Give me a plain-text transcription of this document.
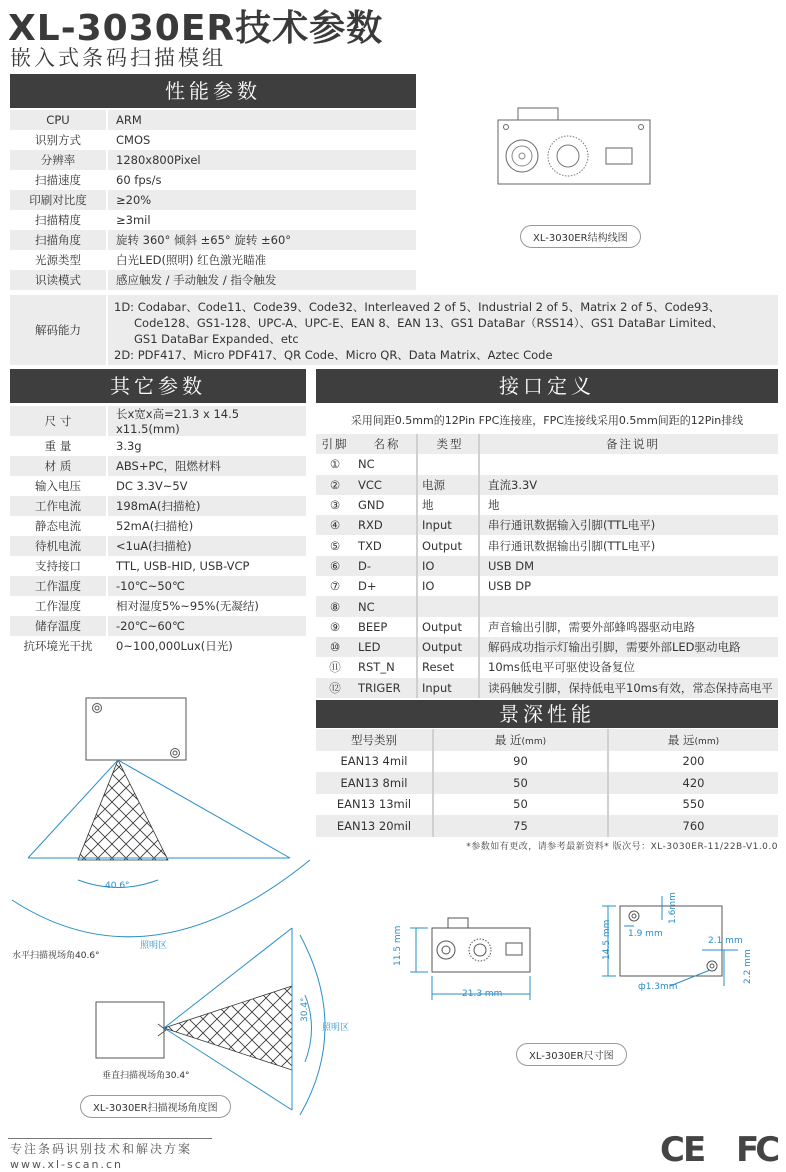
XL-3030ER技术参数
嵌入式条码扫描模组
性能参数
CPU	ARM
识别方式	CMOS
分辨率	1280x800Pixel
扫描速度	60 fps/s
印刷对比度	≥20%
扫描精度	≥3mil
扫描角度	旋转 360° 倾斜 ±65° 旋转 ±60°
光源类型	白光LED(照明) 红色激光瞄准
识读模式	感应触发 / 手动触发 / 指令触发
解码能力
1D: Codabar、Code11、Code39、Code32、Interleaved 2 of 5、Industrial 2 of 5、Matrix 2 of 5、Code93、
Code128、GS1-128、UPC-A、UPC-E、EAN 8、EAN 13、GS1 DataBar（RSS14）、GS1 DataBar Limited、
GS1 DataBar Expanded、etc
2D: PDF417、Micro PDF417、QR Code、Micro QR、Data Matrix、Aztec Code
XL-3030ER结构线图
其它参数
尺 寸	长x宽x高=21.3 x 14.5 x11.5(mm)
重 量	3.3g
材 质	ABS+PC，阻燃材料
输入电压	DC 3.3V~5V
工作电流	198mA(扫描枪)
静态电流	52mA(扫描枪)
待机电流	<1uA(扫描枪)
支持接口	TTL, USB-HID, USB-VCP
工作温度	-10℃~50℃
工作湿度	相对湿度5%~95%(无凝结)
储存温度	-20℃~60℃
抗环境光干扰	0~100,000Lux(日光)
接口定义
采用间距0.5mm的12Pin FPC连接座，FPC连接线采用0.5mm间距的12Pin排线
引脚	名称	类型	备注说明
①	NC		
②	VCC	电源	直流3.3V
③	GND	地	地
④	RXD	Input	串行通讯数据输入引脚(TTL电平)
⑤	TXD	Output	串行通讯数据输出引脚(TTL电平)
⑥	D-	IO	USB DM
⑦	D+	IO	USB DP
⑧	NC		
⑨	BEEP	Output	声音输出引脚，需要外部蜂鸣器驱动电路
⑩	LED	Output	解码成功指示灯输出引脚，需要外部LED驱动电路
⑪	RST_N	Reset	10ms低电平可驱使设备复位
⑫	TRIGER	Input	读码触发引脚，保持低电平10ms有效，常态保持高电平
景深性能
型号类别	最 近(mm)	最 远(mm)
EAN13 4mil	90	200
EAN13 8mil	50	420
EAN13 13mil	50	550
EAN13 20mil	75	760
*参数如有更改，请参考最新资料* 版次号：XL-3030ER-11/22B-V1.0.0
40.6°
照明区
水平扫描视场角40.6°
30.4°
照明区
垂直扫描视场角30.4°
XL-3030ER扫描视场角度图
11.5 mm
21.3 mm
14.5 mm
1.6mm
1.9 mm
2.1 mm
2.2 mm
ф1.3mm
XL-3030ER尺寸图
专注条码识别技术和解决方案
www.xl-scan.cn	CE FC
